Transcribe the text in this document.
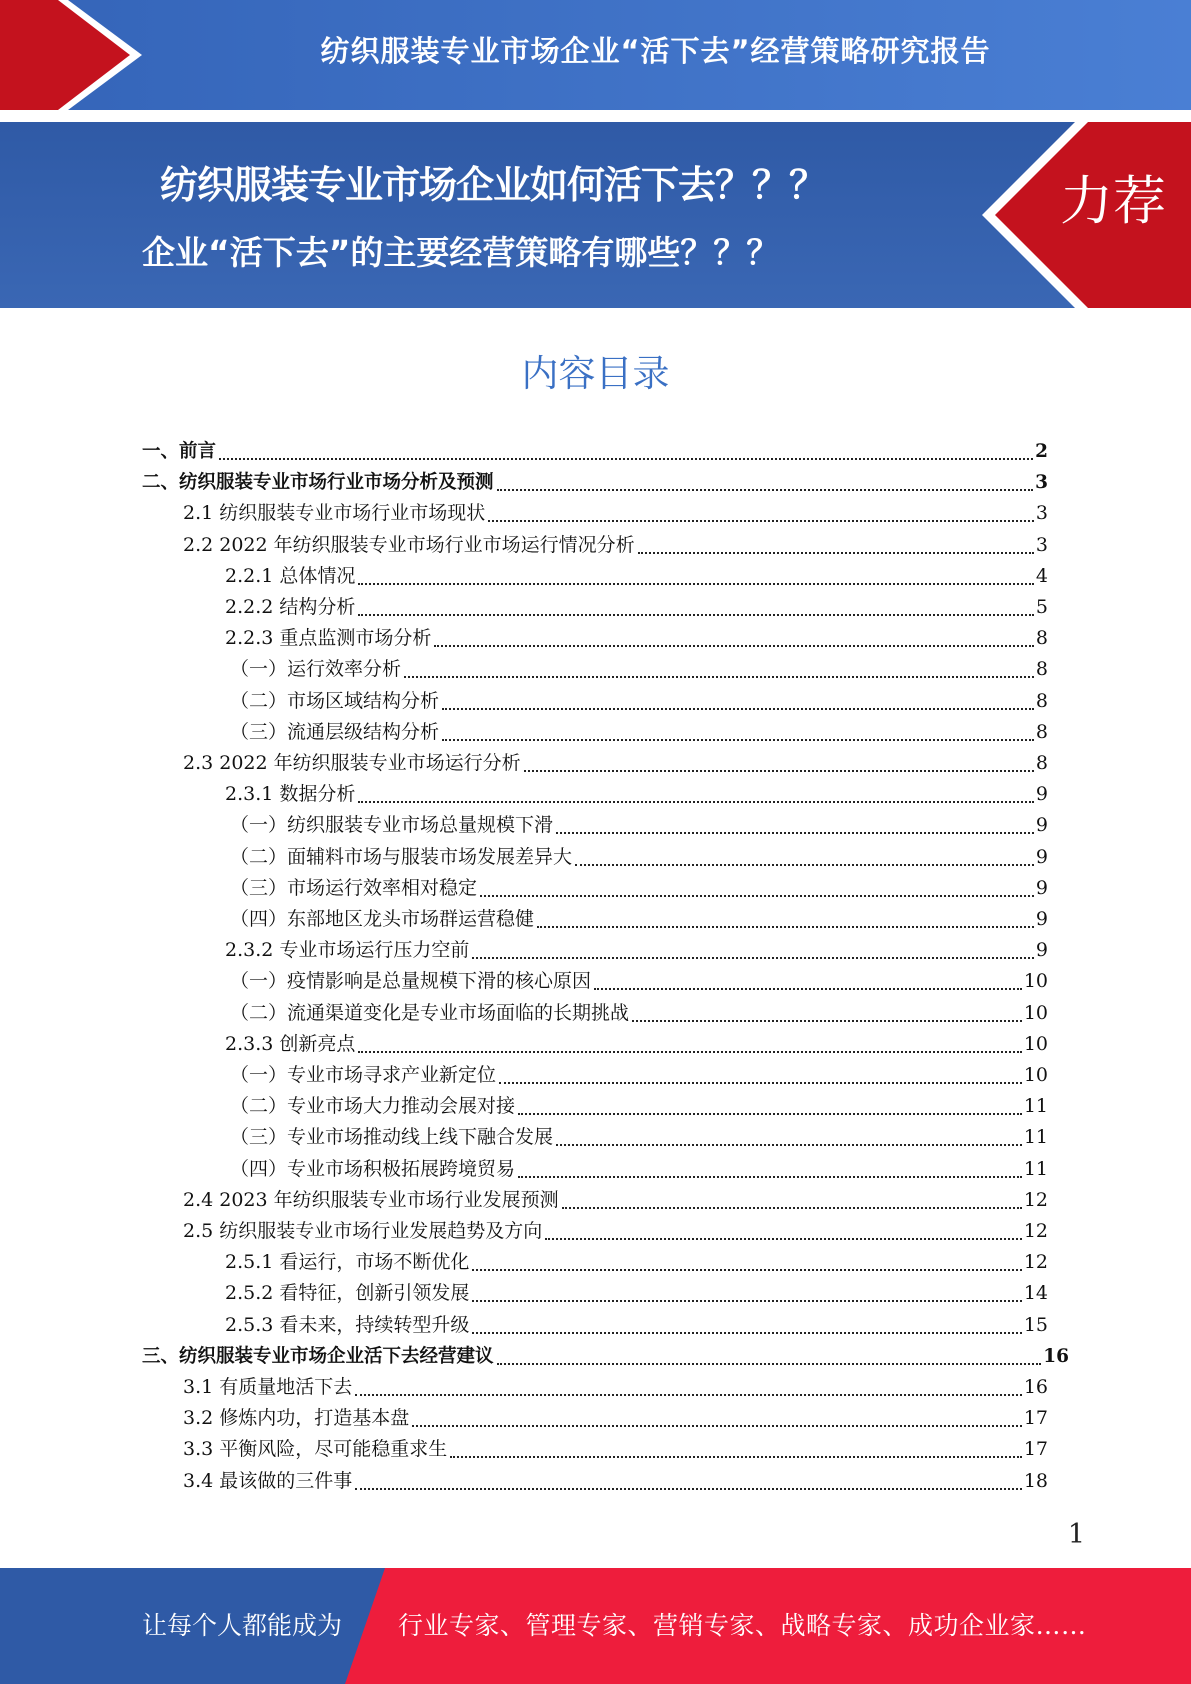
纺织服装专业市场企业“活下去”经营策略研究报告
纺织服装专业市场企业如何活下去？？？
企业“活下去”的主要经营策略有哪些？？？
力荐
内容目录
一、前言	2
二、纺织服装专业市场行业市场分析及预测	3
2.1 纺织服装专业市场行业市场现状	3
2.2 2022 年纺织服装专业市场行业市场运行情况分析	3
2.2.1 总体情况	4
2.2.2 结构分析	5
2.2.3 重点监测市场分析	8
（一）运行效率分析	8
（二）市场区域结构分析	8
（三）流通层级结构分析	8
2.3 2022 年纺织服装专业市场运行分析	8
2.3.1 数据分析	9
（一）纺织服装专业市场总量规模下滑	9
（二）面辅料市场与服装市场发展差异大	9
（三）市场运行效率相对稳定	9
（四）东部地区龙头市场群运营稳健	9
2.3.2 专业市场运行压力空前	9
（一）疫情影响是总量规模下滑的核心原因	10
（二）流通渠道变化是专业市场面临的长期挑战	10
2.3.3 创新亮点	10
（一）专业市场寻求产业新定位	10
（二）专业市场大力推动会展对接	11
（三）专业市场推动线上线下融合发展	11
（四）专业市场积极拓展跨境贸易	11
2.4 2023 年纺织服装专业市场行业发展预测	12
2.5 纺织服装专业市场行业发展趋势及方向	12
2.5.1 看运行，市场不断优化	12
2.5.2 看特征，创新引领发展	14
2.5.3 看未来，持续转型升级	15
三、纺织服装专业市场企业活下去经营建议	16
3.1 有质量地活下去	16
3.2 修炼内功，打造基本盘	17
3.3 平衡风险，尽可能稳重求生	17
3.4 最该做的三件事	18
1
让每个人都能成为 行业专家、管理专家、营销专家、战略专家、成功企业家……
